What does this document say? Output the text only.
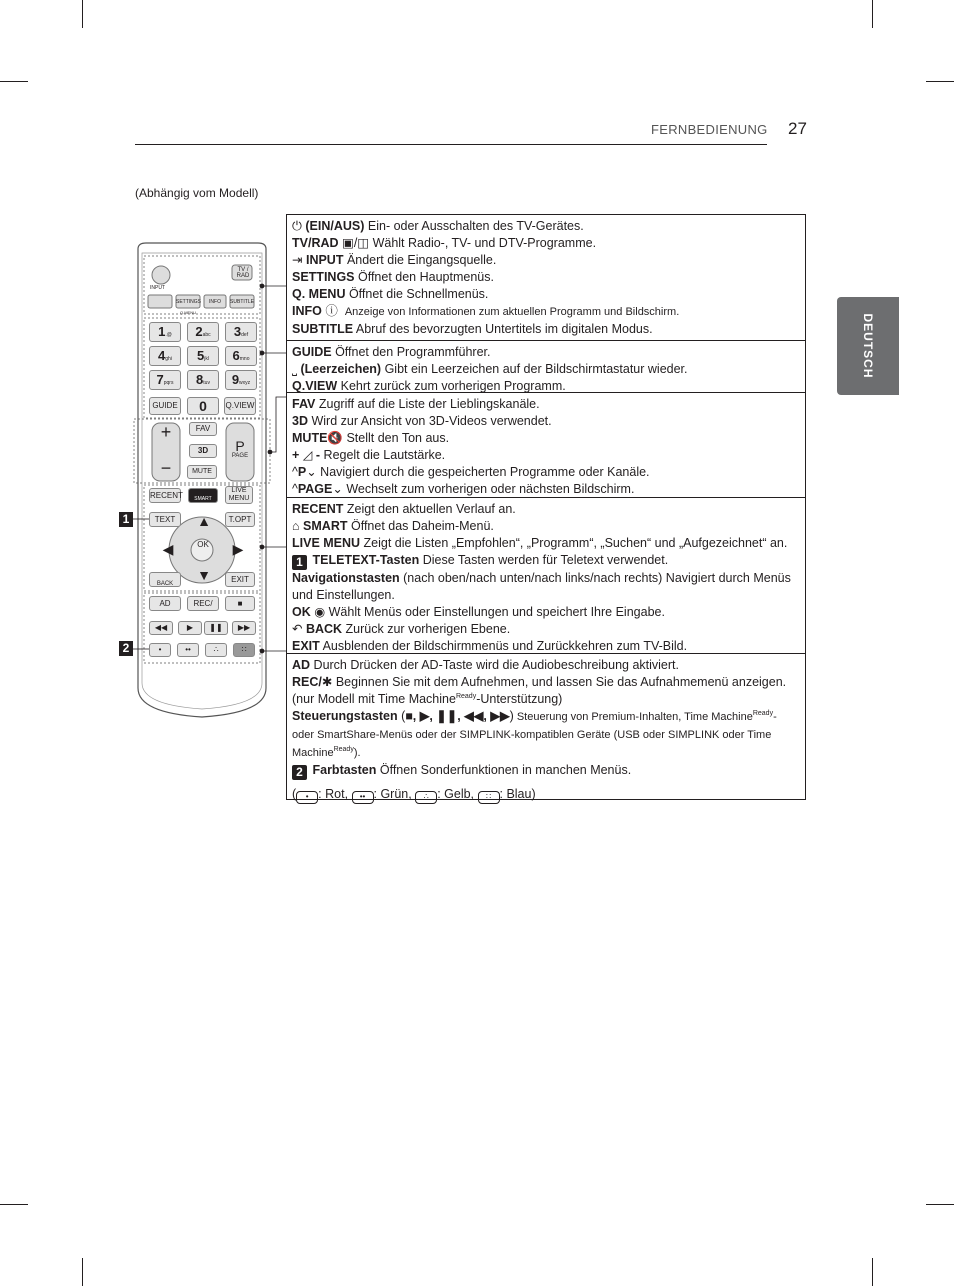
FERNBEDIENUNG 27
DEUTSCH
(Abhängig vom Modell)
TV / RAD
INPUT
SETTINGS	INFO	SUBTITLE
Q.MENU
1.@	2abc	3def
4ghi	5jkl	6mno
7pqrs	8tuv	9wxyz
GUIDE	0	Q.VIEW
+
−
FAV
3D
MUTE
P
PAGE
RECENT	SMART
LIVE MENU
TEXT	T.OPT
OK
BACK	EXIT
AD	REC/	■
◀◀	▶	❚❚	▶▶
•	••	∴	∷
▲
▼
◀	▶
1
2

⏻ (EIN/AUS) Ein- oder Ausschalten des TV-Gerätes.

TV/RAD ▣/◫ Wählt Radio-, TV- und DTV-Programme.

⇥ INPUT Ändert die Eingangsquelle.

SETTINGS Öffnet den Hauptmenüs.

Q. MENU Öffnet die Schnellmenüs.

INFO ⓘ Anzeige von Informationen zum aktuellen Programm und Bildschirm.

SUBTITLE Abruf des bevorzugten Untertitels im digitalen Modus.

GUIDE Öffnet den Programmführer.

⎵ (Leerzeichen) Gibt ein Leerzeichen auf der Bildschirmtastatur wieder.

Q.VIEW Kehrt zurück zum vorherigen Programm.

FAV Zugriff auf die Liste der Lieblingskanäle.

3D Wird zur Ansicht von 3D-Videos verwendet.

MUTE🔇 Stellt den Ton aus.

+ ◿ - Regelt die Lautstärke.

^P⌄ Navigiert durch die gespeicherten Programme oder Kanäle.

^PAGE⌄ Wechselt zum vorherigen oder nächsten Bildschirm.

RECENT Zeigt den aktuellen Verlauf an.

⌂ SMART Öffnet das Daheim-Menü.

LIVE MENU Zeigt die Listen „Empfohlen“, „Programm“, „Suchen“ und „Aufgezeichnet“ an.

1 TELETEXT-Tasten Diese Tasten werden für Teletext verwendet.

Navigationstasten (nach oben/nach unten/nach links/nach rechts) Navigiert durch Menüs und Einstellungen.

OK ◉ Wählt Menüs oder Einstellungen und speichert Ihre Eingabe.

↶ BACK Zurück zur vorherigen Ebene.

EXIT Ausblenden der Bildschirmmenüs und Zurückkehren zum TV-Bild.

AD Durch Drücken der AD-Taste wird die Audiobeschreibung aktiviert.

REC/✱ Beginnen Sie mit dem Aufnehmen, und lassen Sie das Aufnahmemenü anzeigen. (nur Modell mit Time Machine$^{Ready}$-Unterstützung)

Steuerungstasten (■, ▶, ❚❚, ◀◀, ▶▶) Steuerung von Premium-Inhalten, Time Machine$^{Ready}$- oder SmartShare-Menüs oder der SIMPLINK-kompatiblen Geräte (USB oder SIMPLINK oder Time Machine$^{Ready}$).

2 Farbtasten Öffnen Sonderfunktionen in manchen Menüs.

( • : Rot, •• : Grün, ∴ : Gelb, ∷ : Blau)
